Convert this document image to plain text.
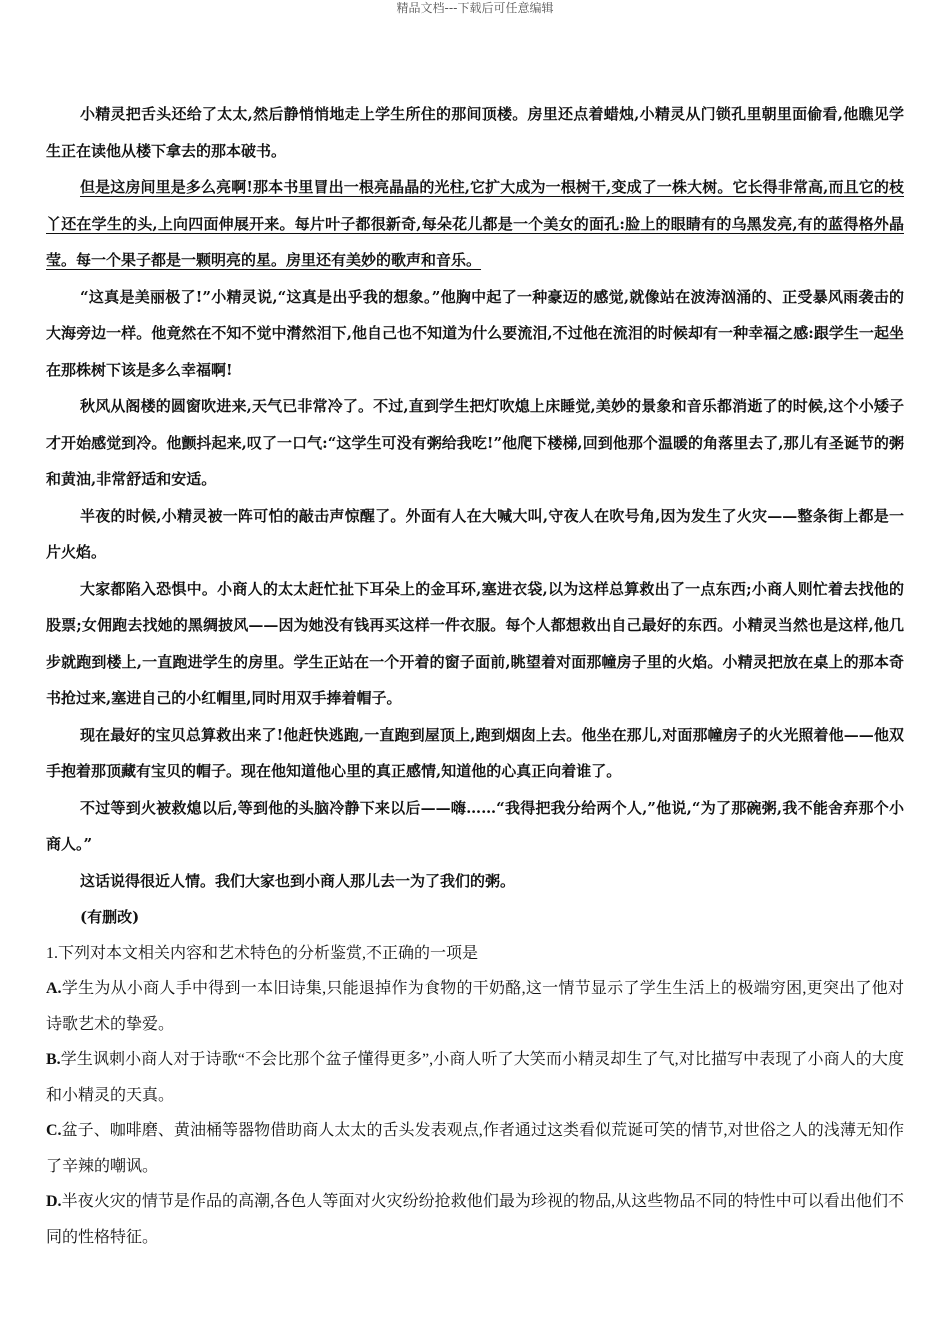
精品文档---下载后可任意编辑

小精灵把舌头还给了太太,然后静悄悄地走上学生所住的那间顶楼。房里还点着蜡烛,小精灵从门锁孔里朝里面偷看,他瞧见学生正在读他从楼下拿去的那本破书。

但是这房间里是多么亮啊!那本书里冒出一根亮晶晶的光柱,它扩大成为一根树干,变成了一株大树。它长得非常高,而且它的枝丫还在学生的头,上向四面伸展开来。每片叶子都很新奇,每朵花儿都是一个美女的面孔:脸上的眼睛有的乌黑发亮,有的蓝得格外晶莹。每一个果子都是一颗明亮的星。房里还有美妙的歌声和音乐。

“这真是美丽极了!”小精灵说,“这真是出乎我的想象。”他胸中起了一种豪迈的感觉,就像站在波涛汹涌的、正受暴风雨袭击的大海旁边一样。他竟然在不知不觉中潸然泪下,他自己也不知道为什么要流泪,不过他在流泪的时候却有一种幸福之感:跟学生一起坐在那株树下该是多么幸福啊!

秋风从阁楼的圆窗吹进来,天气已非常冷了。不过,直到学生把灯吹熄上床睡觉,美妙的景象和音乐都消逝了的时候,这个小矮子才开始感觉到冷。他颤抖起来,叹了一口气:“这学生可没有粥给我吃!”他爬下楼梯,回到他那个温暖的角落里去了,那儿有圣诞节的粥和黄油,非常舒适和安适。

半夜的时候,小精灵被一阵可怕的敲击声惊醒了。外面有人在大喊大叫,守夜人在吹号角,因为发生了火灾——整条街上都是一片火焰。

大家都陷入恐惧中。小商人的太太赶忙扯下耳朵上的金耳环,塞进衣袋,以为这样总算救出了一点东西;小商人则忙着去找他的股票;女佣跑去找她的黑绸披风——因为她没有钱再买这样一件衣服。每个人都想救出自己最好的东西。小精灵当然也是这样,他几步就跑到楼上,一直跑进学生的房里。学生正站在一个开着的窗子面前,眺望着对面那幢房子里的火焰。小精灵把放在桌上的那本奇书抢过来,塞进自己的小红帽里,同时用双手捧着帽子。

现在最好的宝贝总算救出来了!他赶快逃跑,一直跑到屋顶上,跑到烟囱上去。他坐在那儿,对面那幢房子的火光照着他——他双手抱着那顶藏有宝贝的帽子。现在他知道他心里的真正感情,知道他的心真正向着谁了。

不过等到火被救熄以后,等到他的头脑冷静下来以后——嗨……“我得把我分给两个人,”他说,“为了那碗粥,我不能舍弃那个小商人。”

这话说得很近人情。我们大家也到小商人那儿去一为了我们的粥。

(有删改)

1.下列对本文相关内容和艺术特色的分析鉴赏,不正确的一项是

A.学生为从小商人手中得到一本旧诗集,只能退掉作为食物的干奶酪,这一情节显示了学生生活上的极端穷困,更突出了他对诗歌艺术的挚爱。

B.学生讽刺小商人对于诗歌“不会比那个盆子懂得更多”,小商人听了大笑而小精灵却生了气,对比描写中表现了小商人的大度和小精灵的天真。

C.盆子、咖啡磨、黄油桶等器物借助商人太太的舌头发表观点,作者通过这类看似荒诞可笑的情节,对世俗之人的浅薄无知作了辛辣的嘲讽。

D.半夜火灾的情节是作品的高潮,各色人等面对火灾纷纷抢救他们最为珍视的物品,从这些物品不同的特性中可以看出他们不同的性格特征。
